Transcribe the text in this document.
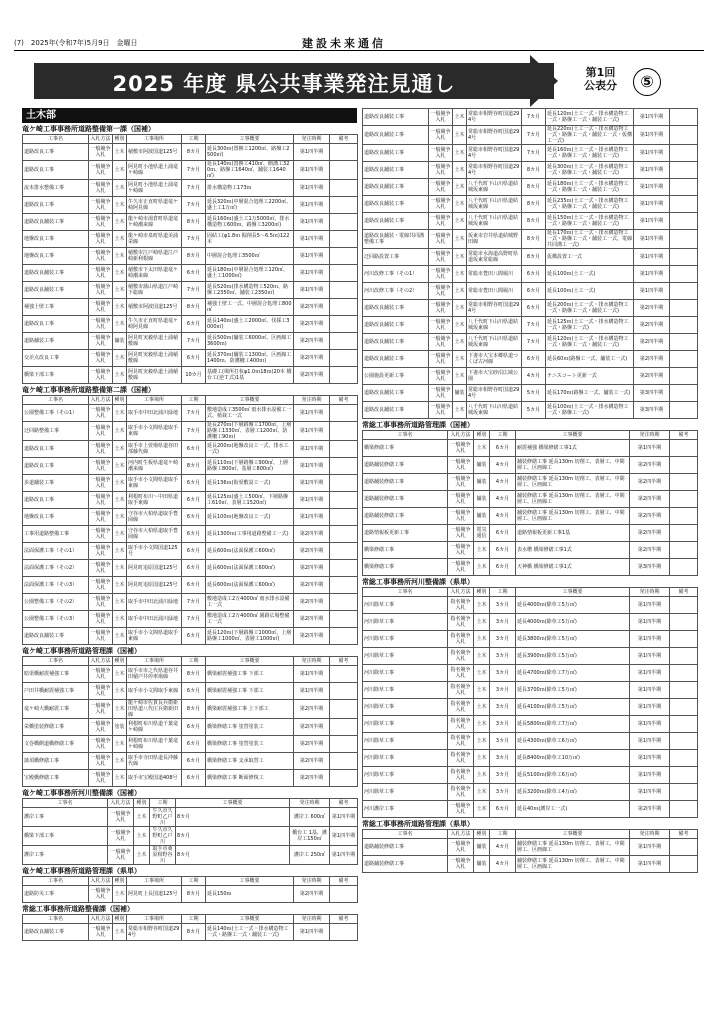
(7)　2025年(令和7年)5月9日　金曜日	建設未来通信
2025 年度 県公共事業発注見通し	第1回
公表分	⑤
土木部
竜ケ崎工事事務所道路整備第一課（国補）
工事名	入札方法	種別	工事場所	工期	工事概要	発注時期	備考
道路改良工事	一般競争入札	土木	稲敷市阿波国道125号	8カ月	延長300ｍ(置換工1200㎥、路盤工2500㎡)	第1四半期	
道路改良工事	一般競争入札	土木	阿見町小池県道土浦竜ケ崎線	7カ月	延長140ｍ(置換工410㎥、側溝工320ｍ、路盤工1640㎡、舗装工1640㎡)	第1四半期	
流末排水整備工事	一般競争入札	土木	阿見町小池県道土浦竜ケ崎線	7カ月	排水構造物工173ｍ	第1四半期	
道路改良工事	一般競争入札	土木	牛久市正直町県道竜ケ崎阿見線	7カ月	延長320ｍ(中層混合処理工2200㎥、盛土工1万㎥)	第1四半期	
道路改良舗装工事	一般競争入札	土木	龍ケ崎市湯倉町県道竜ケ崎潮来線	8カ月	延長160ｍ(盛土工1万5000㎥、排水構造物工600ｍ、路盤工3200㎡)	第1四半期	
地盤改良工事	一般競争入札	土木	龍ケ崎市泉町県道美浦栄線	7カ月	固結工(φ1.8ｍ 掘削長5〜6.5ｍ)122本	第1四半期	
地盤改良工事	一般競争入札	土木	稲敷市江戸崎県道江戸崎新利根線	8カ月	中層混合処理工3500㎥	第1四半期	
道路改良舗装工事	一般競争入札	土木	稲敷市下太田県道竜ケ崎潮来線	6カ月	延長180ｍ(中層混合処理工120㎥、盛土工1000㎥)	第1四半期	
道路改良舗装工事	一般競争入札	土木	稲敷市蒲山県道江戸崎下総線	7カ月	延長520ｍ(排水構造物工520ｍ、路盤工2350㎡、舗装工2350㎡)	第1四半期	
補強土壁工事	一般競争入札	土木	稲敷市阿波国道125号	8カ月	補強土壁工一式、中層混合処理工800㎥	第2四半期	
道路改良工事	一般競争入札	土木	牛久市正直町県道竜ケ崎阿見線	6カ月	延長140ｍ(盛土工2000㎥、伐採工3000㎡)	第2四半期	
道路舗装工事	一般競争入札	舗装	阿見町実穀県道土浦稲敷線	7カ月	延長500ｍ(舗装工6000㎡、区画線工3600ｍ)	第2四半期	
交差点改良工事	一般競争入札	土木	阿見町実穀県道土浦稲敷線	6カ月	延長370ｍ(舗装工1300㎡、区画線工1400ｍ、防護柵工400ｍ)	第2四半期	
橋梁下部工事	一般競争入札	土木	阿見町実穀県道土浦稲敷線	10カ月	基礎工(場所打杭φ1.0ｍ18ｍ)20本 橋台工(逆Ｔ式)1基	第2四半期	
竜ケ崎工事事務所道路整備第二課（国補）
工事名	入札方法	種別	工事場所	工期	工事概要	発注時期	備考
公園整備工事（その1）	一般競争入札	土木	取手市中田北浦川緑地	7カ月	敷地造成工3500㎡ 雨水排水設備工一式、植栽工一式	第1四半期	
迂回路整備工事	一般競争入札	土木	取手市小文間県道取手東線	7カ月	延長270ｍ(下層路盤工1700㎡、上層路盤工1330㎡、表層工1200㎡、防護柵工90ｍ)	第1四半期	
道路改良工事	一般競争入札	土木	取手市上萱場県道谷田部藤代線	6カ月	延長200ｍ(地盤改良工一式、排水工一式)	第1四半期	
道路改良工事	一般競争入札	土木	河内町生板県道竜ケ崎潮来線	8カ月	延長110ｍ(下層路盤工900㎡、上層路盤工800㎡、基層工800㎡)	第1四半期	
歩道舗装工事	一般競争入札	土木	取手市小文間県道取手東線	6カ月	延長136ｍ(街渠敷設工一式)	第1四半期	
道路改良工事	一般競争入札	土木	利根町布川〜中田県道取手東線	6カ月	延長125ｍ(盛土工500㎡、下層路盤工610㎡、表層工1520㎡)	第1四半期	
地盤改良工事	一般競争入札	土木	守谷市大柏県道取手豊岡線	6カ月	延長100ｍ(地盤改良工一式)	第1四半期	
工事用道路整備工事	一般競争入札	土木	守谷市大柏県道取手豊岡線	6カ月	延長1300ｍ(工事用道路整備工一式)	第2四半期	
法面保護工事（その1）	一般競争入札	土木	取手市小文間国道125号	6カ月	延長600ｍ(法面保護工600㎡)	第2四半期	
法面保護工事（その2）	一般競争入札	土木	阿見町追原国道125号	6カ月	延長600ｍ(法面保護工600㎡)	第2四半期	
法面保護工事（その3）	一般競争入札	土木	阿見町追原国道125号	6カ月	延長600ｍ(法面保護工600㎡)	第2四半期	
公園整備工事（その2）	一般競争入札	土木	取手市中田北浦川緑地	7カ月	敷地造成工2万4000㎡ 雨水排水設備工一式	第2四半期	
公園整備工事（その3）	一般競争入札	土木	取手市中田北浦川緑地	7カ月	敷地造成工2万4000㎡ 園路広場整備工一式	第2四半期	
道路改良舗装工事	一般競争入札	土木	取手市小文間県道取手東線	6カ月	延長120ｍ(下層路盤工1000㎡、上層路盤工1000㎡、表層工1000㎡)	第2四半期	
竜ケ崎工事事務所道路管理課（国補）
工事名	入札方法	種別	工事場所	工期	工事概要	発注時期	備考
暗渠橋耐震補強工事	一般競争入札	土木	取手市市之代県道谷井田稲戸井停車場線	8カ月	橋梁耐震補強工事 下部工	第1四半期	
戸田井橋耐震補強工事	一般競争入札	土木	取手市小文間取手東線	6カ月	橋梁耐震補強工事 下部工	第1四半期	
竜ケ崎大橋耐震工事	一般競争入札	土木	龍ケ崎市佐貫長兵衛新田県道八代庄兵衛新田線	8カ月	橋梁耐震補強工事 上下部工	第2四半期	
栄橋塗装修繕工事	一般競争入札	塗装	利根町布川県道千葉竜ケ崎線	6カ月	橋梁修繕工事 塗替塗装工	第2四半期	
文巻橋側道橋修繕工事	一般競争入札	土木	利根町布川県道千葉竜ケ崎線	6カ月	橋梁修繕工事 塗替塗装工	第2四半期	
蒲須橋修繕工事	一般競争入札	土木	取手市寺田県道長沖藤代線	6カ月	橋梁修繕工事 支承取替工	第2四半期	
宝殿橋修繕工事	一般競争入札	土木	取手市宝殿国道408号	6カ月	橋梁修繕工事 断面修復工	第2四半期	
竜ケ崎工事事務所河川整備課（国補）
工事名	入札方法	種別	工期	工事概要	発注時期	備考	
護岸工事	一般競争入札	土木	牛久市久野町乙戸川	8カ月	護岸工 600㎡	第1四半期	
橋梁下部工事	一般競争入札	土木	牛久市久野町乙戸川	8カ月	橋台工 1基、護岸工150㎡	第1四半期	
護岸工事	一般競争入札	土木	取手市桑原相野谷川	8カ月	護岸工 250㎡	第1四半期	
竜ケ崎工事事務所道路管理課（県単）
工事名	入札方法	種別	工事場所	工期	工事概要	発注時期	備考
道路防災工事	一般競争入札	土木	阿見町上長国道125号	8カ月	延長150ｍ	第2四半期	
常総工事事務所道路整備課（国補）
工事名	入札方法	種別	工事場所	工期	工事概要	発注時期	備考
道路改良舗装工事	一般競争入札	土木	常総市相野谷町国道294号	8カ月	延長140ｍ(土工一式・排水構造物工一式・路盤工一式・舗装工一式)	第1四半期	
道路改良舗装工事	一般競争入札	土木	常総市相野谷町国道294号	7カ月	延長120ｍ(土工一式・排水構造物工一式・路盤工一式・舗装工一式)	第1四半期	
道路改良舗装工事	一般競争入札	土木	常総市相野谷町国道294号	7カ月	延長220ｍ(土工一式・排水構造物工一式・路盤工一式・舗装工一式・仮構工一式)	第1四半期	
道路改良舗装工事	一般競争入札	土木	常総市相野谷町国道294号	7カ月	延長160ｍ(土工一式・排水構造物工一式・路盤工一式・舗装工一式)	第1四半期	
道路改良舗装工事	一般競争入札	土木	常総市相野谷町国道294号	8カ月	延長300ｍ(土工一式・排水構造物工一式・路盤工一式・舗装工一式)	第1四半期	
道路改良舗装工事	一般競争入札	土木	八千代町下山川県道結城坂東線	8カ月	延長180ｍ(土工一式・排水構造物工一式・路盤工一式・舗装工一式)	第1四半期	
道路改良舗装工事	一般競争入札	土木	八千代町下山川県道結城坂東線	8カ月	延長235ｍ(土工一式・排水構造物工一式・路盤工一式・舗装工一式)	第1四半期	
道路改良舗装工事	一般競争入札	土木	八千代町下山川県道結城坂東線	8カ月	延長150ｍ(土工一式・排水構造物工一式・路盤工一式・舗装工一式)	第1四半期	
道路改良舗装・電線共同溝整備工事	一般競争入札	土木	坂東市岩井県道結城野田線	8カ月	延長170ｍ(土工一式・排水構造物工一式・路盤工一式・舗装工一式、電線共同溝工一式)	第1四半期	
迂回路設置工事	一般競争入札	土木	常総市水海道高野町県道坂東常総線	8カ月	仮橋設置工一式	第1四半期	
河川改修工事（その1）	一般競争入札	土木	常総市豊田八間堀川	6カ月	延長100ｍ(土工一式)	第1四半期	
河川改修工事（その2）	一般競争入札	土木	常総市豊田八間堀川	6カ月	延長100ｍ(土工一式)	第1四半期	
道路改良舗装工事	一般競争入札	土木	常総市相野谷町国道294号	6カ月	延長200ｍ(土工一式・排水構造物工一式・路盤工一式・舗装工一式)	第2四半期	
道路改良舗装工事	一般競争入札	土木	八千代町下山川県道結城坂東線	7カ月	延長125ｍ(土工一式・排水構造物工一式・路盤工一式)	第2四半期	
道路改良舗装工事	一般競争入札	土木	八千代町下山川県道結城坂東線	7カ月	延長120ｍ(土工一式・排水構造物工一式・路盤工一式・舗装工一式)	第2四半期	
道路改良舗装工事	一般競争入札	土木	下妻市大宝本郷県道つくば古河線	6カ月	延長60ｍ(路盤工一式、舗装工一式)	第2四半期	
公園施設更新工事	一般競争入札	土木	下妻市大宝砂沼広域公園	4カ月	テニスコート更新一式	第2四半期	
道路改良舗装工事	一般競争入札	舗装	常総市相野谷町国道294号	5カ月	延長170ｍ(路盤工一式、舗装工一式)	第3四半期	
道路改良舗装工事	一般競争入札	土木	八千代町下山川県道結城坂東線	5カ月	延長100ｍ(土工一式・排水構造物工一式・路盤工一式)	第3四半期	
常総工事事務所道路管理課（国補）
工事名	入札方法	種別	工期	工事概要	発注時期	備考
橋梁修繕工事	一般競争入札	土木	6カ月	耐震補強 橋梁修繕工事1式	第1四半期	
道路舗装修繕工事	一般競争入札	舗装	4カ月	舗装修繕工事 延長130m 切削工、表層工、中間層工、区画線工	第2四半期	
道路舗装修繕工事	一般競争入札	舗装	4カ月	舗装修繕工事 延長130m 切削工、表層工、中間層工、区画線工	第2四半期	
道路舗装修繕工事	一般競争入札	舗装	4カ月	舗装修繕工事 延長130m 切削工、表層工、中間層工、区画線工	第2四半期	
道路舗装修繕工事	一般競争入札	舗装	4カ月	舗装修繕工事 延長130m 切削工、表層工、中間層工、区画線工	第2四半期	
道路情報板更新工事	一般競争入札	電気通信	6カ月	道路情報板更新工事1基	第2四半期	
橋梁修繕工事	一般競争入札	土木	6カ月	表水槽 橋梁修繕工事1式	第2四半期	
橋梁修繕工事	一般競争入札	土木	6カ月	天神橋 橋梁修繕工事1式	第3四半期	
常総工事事務所河川整備課（県単）
工事名	入札方法	種別	工期	工事概要	発注時期	備考
河川除草工事	指名競争入札	土木	3カ月	延長4000ｍ(除草工5万㎡)	第1四半期	
河川除草工事	指名競争入札	土木	3カ月	延長4000ｍ(除草工5万㎡)	第1四半期	
河川除草工事	指名競争入札	土木	3カ月	延長3800ｍ(除草工5万㎡)	第1四半期	
河川除草工事	指名競争入札	土木	3カ月	延長3900ｍ(除草工5万㎡)	第1四半期	
河川除草工事	指名競争入札	土木	3カ月	延長4700ｍ(除草工7万㎡)	第1四半期	
河川除草工事	指名競争入札	土木	3カ月	延長3700ｍ(除草工5万㎡)	第1四半期	
河川除草工事	指名競争入札	土木	3カ月	延長4100ｍ(除草工5万㎡)	第1四半期	
河川除草工事	指名競争入札	土木	3カ月	延長5800ｍ(除草工7万㎡)	第1四半期	
河川除草工事	指名競争入札	土木	3カ月	延長4300ｍ(除草工6万㎡)	第1四半期	
河川除草工事	指名競争入札	土木	3カ月	延長8400ｍ(除草工10万㎡)	第1四半期	
河川除草工事	指名競争入札	土木	3カ月	延長5100ｍ(除草工6万㎡)	第1四半期	
河川除草工事	指名競争入札	土木	3カ月	延長3200ｍ(除草工4万㎡)	第1四半期	
河川護岸工事	一般競争入札	土木	6カ月	延長40ｍ(護岸工一式)	第2四半期	
常総工事事務所道路管理課（県単）
工事名	入札方法	種別	工期	工事概要	発注時期	備考
道路舗装修繕工事	一般競争入札	舗装	4カ月	舗装修繕工事 延長130m 切削工、表層工、中間層工、区画線工	第1四半期	
道路舗装修繕工事	一般競争入札	舗装	4カ月	舗装修繕工事 延長130m 切削工、表層工、中間層工、区画線工	第1四半期	
